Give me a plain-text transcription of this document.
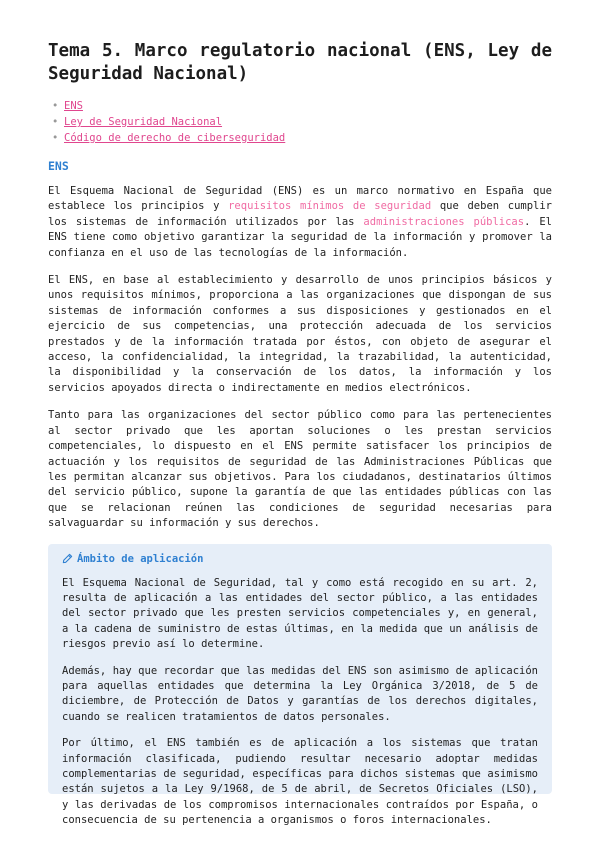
Tema 5. Marco regulatorio nacional (ENS, Ley de Seguridad Nacional)
• ENS
• Ley de Seguridad Nacional
• Código de derecho de ciberseguridad
ENS

El Esquema Nacional de Seguridad (ENS) es un marco normativo en España que establece los principios y requisitos mínimos de seguridad que deben cumplir los sistemas de información utilizados por las administraciones públicas. El ENS tiene como objetivo garantizar la seguridad de la información y promover la confianza en el uso de las tecnologías de la información.

El ENS, en base al establecimiento y desarrollo de unos principios básicos y unos requisitos mínimos, proporciona a las organizaciones que dispongan de sus sistemas de información conformes a sus disposiciones y gestionados en el ejercicio de sus competencias, una protección adecuada de los servicios prestados y de la información tratada por éstos, con objeto de asegurar el acceso, la confidencialidad, la integridad, la trazabilidad, la autenticidad, la disponibilidad y la conservación de los datos, la información y los servicios apoyados directa o indirectamente en medios electrónicos.

Tanto para las organizaciones del sector público como para las pertenecientes al sector privado que les aportan soluciones o les prestan servicios competenciales, lo dispuesto en el ENS permite satisfacer los principios de actuación y los requisitos de seguridad de las Administraciones Públicas que les permitan alcanzar sus objetivos. Para los ciudadanos, destinatarios últimos del servicio público, supone la garantía de que las entidades públicas con las que se relacionan reúnen las condiciones de seguridad necesarias para salvaguardar su información y sus derechos.

Ámbito de aplicación

El Esquema Nacional de Seguridad, tal y como está recogido en su art. 2, resulta de aplicación a las entidades del sector público, a las entidades del sector privado que les presten servicios competenciales y, en general, a la cadena de suministro de estas últimas, en la medida que un análisis de riesgos previo así lo determine.

Además, hay que recordar que las medidas del ENS son asimismo de aplicación para aquellas entidades que determina la Ley Orgánica 3/2018, de 5 de diciembre, de Protección de Datos y garantías de los derechos digitales, cuando se realicen tratamientos de datos personales.

Por último, el ENS también es de aplicación a los sistemas que tratan información clasificada, pudiendo resultar necesario adoptar medidas complementarias de seguridad, específicas para dichos sistemas que asimismo están sujetos a la Ley 9/1968, de 5 de abril, de Secretos Oficiales (LSO), y las derivadas de los compromisos internacionales contraídos por España, o consecuencia de su pertenencia a organismos o foros internacionales.
